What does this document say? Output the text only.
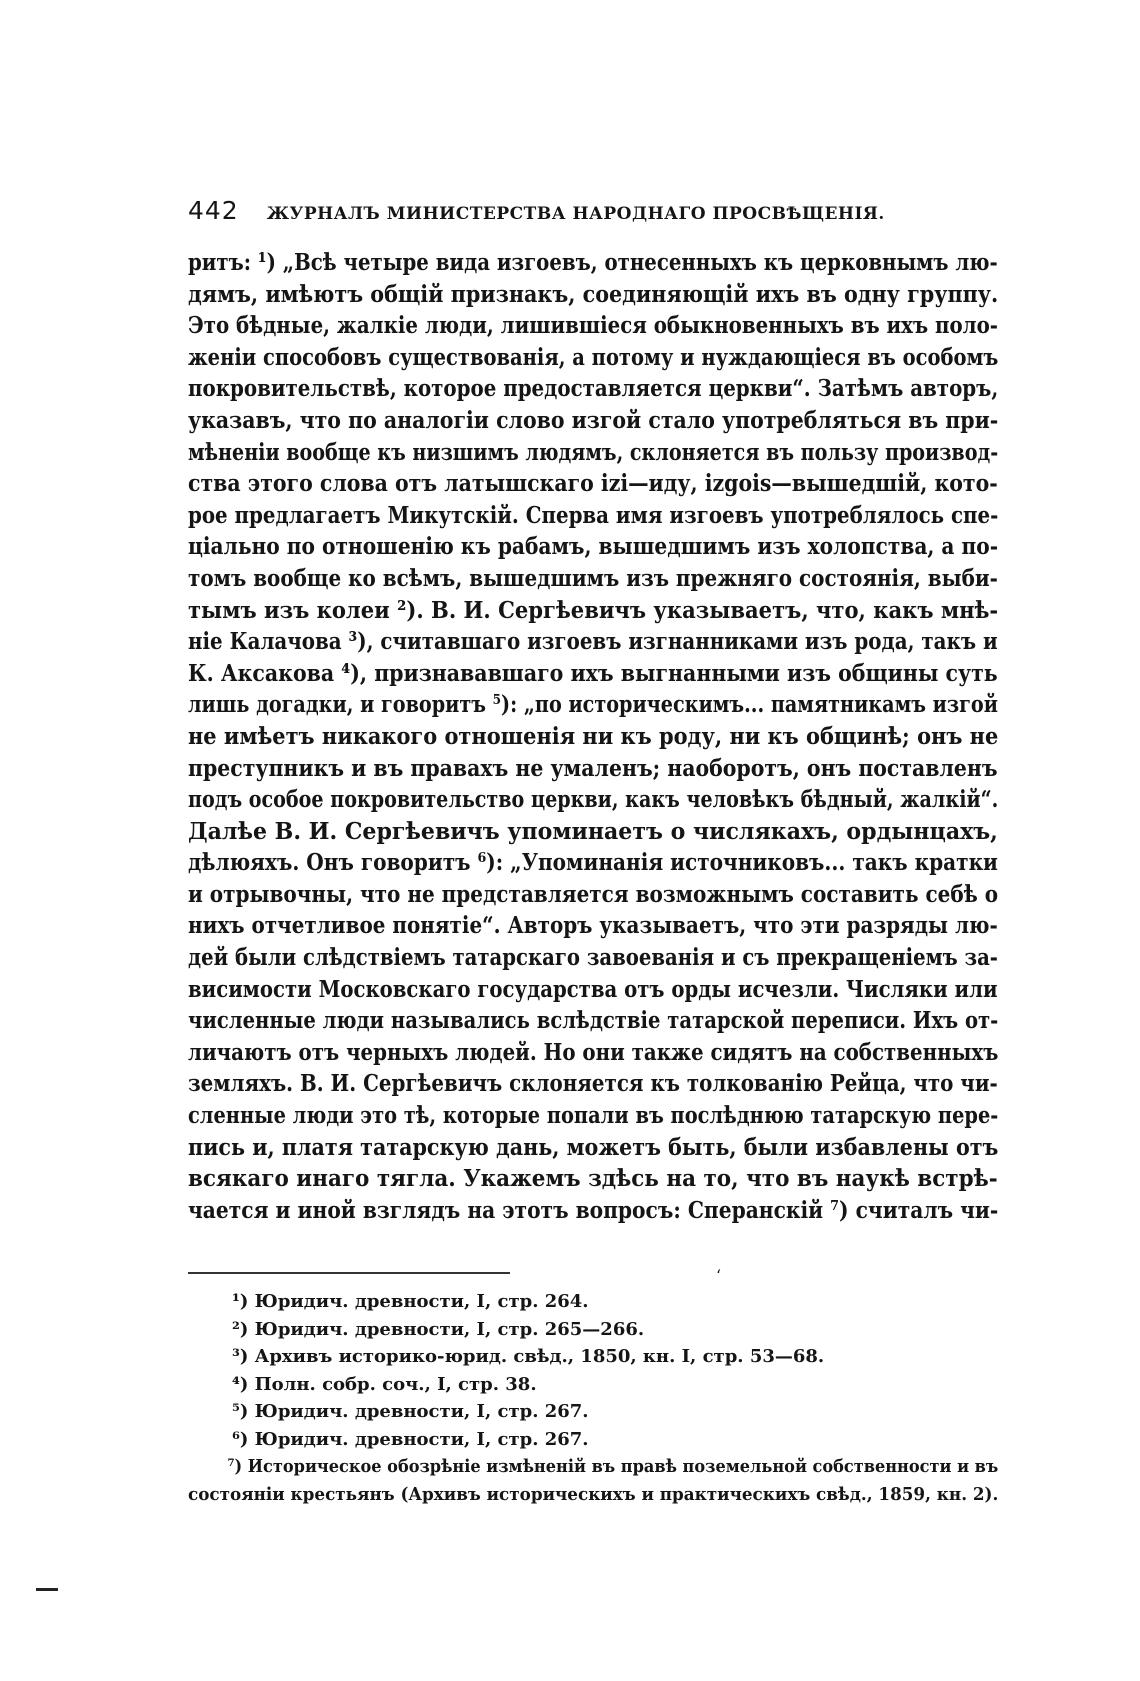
442 ЖУРНАЛЪ МИНИСТЕРСТВА НАРОДНАГО ПРОСВѢЩЕНІЯ.
ритъ: ¹) „Всѣ четыре вида изгоевъ, отнесенныхъ къ церковнымъ лю-
дямъ, имѣютъ общій признакъ, соединяющій ихъ въ одну группу.
Это бѣдные, жалкіе люди, лишившіеся обыкновенныхъ въ ихъ поло-
женіи способовъ существованія, а потому и нуждающіеся въ особомъ
покровительствѣ, которое предоставляется церкви“. Затѣмъ авторъ,
указавъ, что по аналогіи слово изгой стало употребляться въ при-
мѣненіи вообще къ низшимъ людямъ, склоняется въ пользу производ-
ства этого слова отъ латышскаго izi—иду, izgois—вышедшій, кото-
рое предлагаетъ Микутскій. Сперва имя изгоевъ употреблялось спе-
ціально по отношенію къ рабамъ, вышедшимъ изъ холопства, а по-
томъ вообще ко всѣмъ, вышедшимъ изъ прежняго состоянія, выби-
тымъ изъ колеи ²). В. И. Сергѣевичъ указываетъ, что, какъ мнѣ-
ніе Калачова ³), считавшаго изгоевъ изгнанниками изъ рода, такъ и
К. Аксакова ⁴), признававшаго ихъ выгнанными изъ общины суть
лишь догадки, и говоритъ ⁵): „по историческимъ... памятникамъ изгой
не имѣетъ никакого отношенія ни къ роду, ни къ общинѣ; онъ не
преступникъ и въ правахъ не умаленъ; наоборотъ, онъ поставленъ
подъ особое покровительство церкви, какъ человѣкъ бѣдный, жалкій“.
Далѣе В. И. Сергѣевичъ упоминаетъ о числякахъ, ордынцахъ,
дѣлюяхъ. Онъ говоритъ ⁶): „Упоминанія источниковъ... такъ кратки
и отрывочны, что не представляется возможнымъ составить себѣ о
нихъ отчетливое понятіе“. Авторъ указываетъ, что эти разряды лю-
дей были слѣдствіемъ татарскаго завоеванія и съ прекращеніемъ за-
висимости Московскаго государства отъ орды исчезли. Числяки или
численные люди назывались вслѣдствіе татарской переписи. Ихъ от-
личаютъ отъ черныхъ людей. Но они также сидятъ на собственныхъ
земляхъ. В. И. Сергѣевичъ склоняется къ толкованію Рейца, что чи-
сленные люди это тѣ, которые попали въ послѣднюю татарскую пере-
пись и, платя татарскую дань, можетъ быть, были избавлены отъ
всякаго инаго тягла. Укажемъ здѣсь на то, что въ наукѣ встрѣ-
чается и иной взглядъ на этотъ вопросъ: Сперанскій ⁷) считалъ чи-
ʻ
¹) Юридич. древности, I, стр. 264.
²) Юридич. древности, I, стр. 265—266.
³) Архивъ историко-юрид. свѣд., 1850, кн. I, стр. 53—68.
⁴) Полн. собр. соч., I, стр. 38.
⁵) Юридич. древности, I, стр. 267.
⁶) Юридич. древности, I, стр. 267.
⁷) Историческое обозрѣніе измѣненій въ правѣ поземельной собственности и въ
состояніи крестьянъ (Архивъ историческихъ и практическихъ свѣд., 1859, кн. 2).
